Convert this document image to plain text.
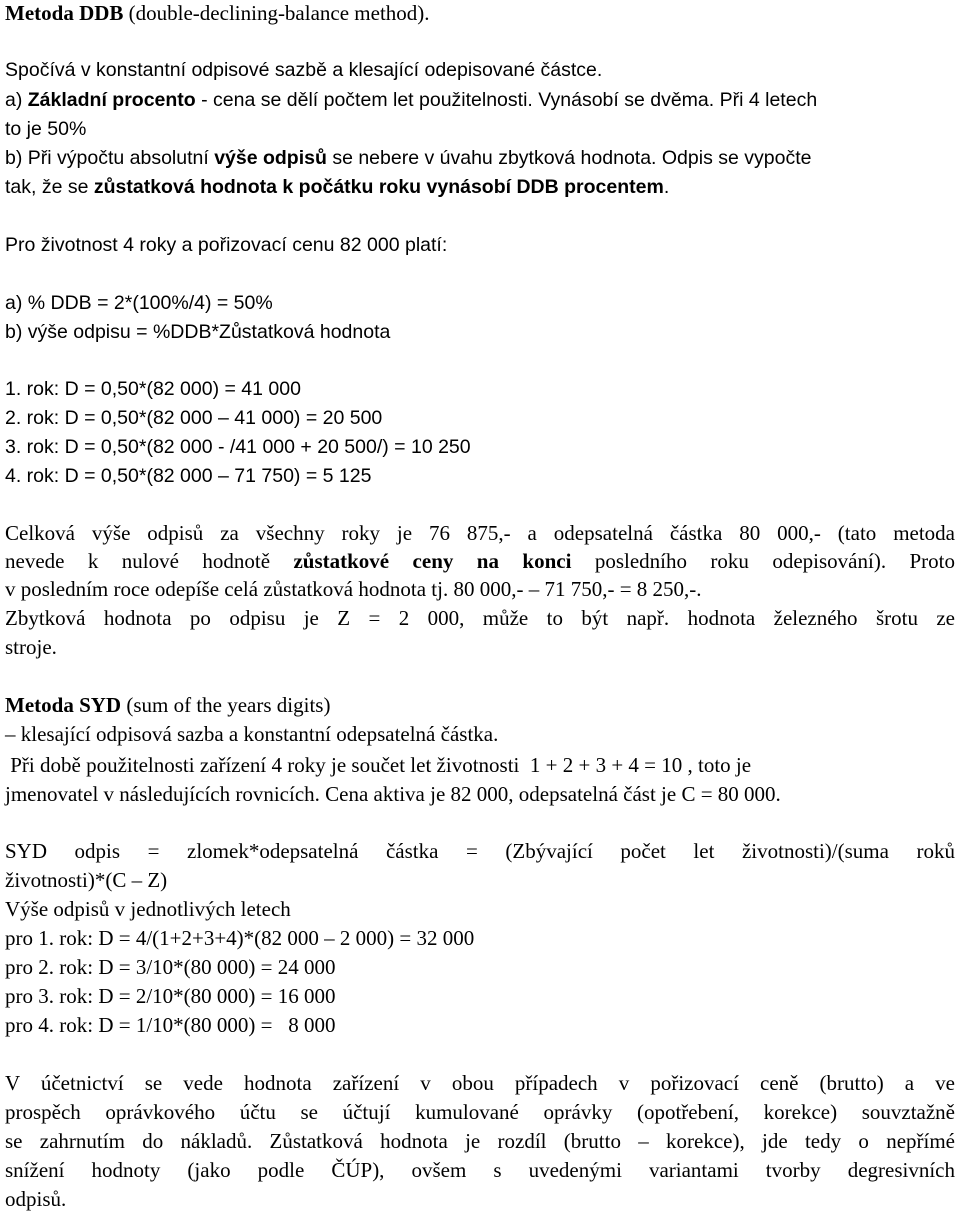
Metoda DDB (double-declining-balance method).
Spočívá v konstantní odpisové sazbě a klesající odepisované částce.
a) Základní procento - cena se dělí počtem let použitelnosti. Vynásobí se dvěma. Při 4 letech
to je 50%
b) Při výpočtu absolutní výše odpisů se nebere v úvahu zbytková hodnota. Odpis se vypočte
tak, že se zůstatková hodnota k počátku roku vynásobí DDB procentem.
Pro životnost 4 roky a pořizovací cenu 82 000 platí:
a) % DDB = 2*(100%/4) = 50%
b) výše odpisu = %DDB*Zůstatková hodnota
1. rok: D = 0,50*(82 000) = 41 000
2. rok: D = 0,50*(82 000 – 41 000) = 20 500
3. rok: D = 0,50*(82 000 - /41 000 + 20 500/) = 10 250
4. rok: D = 0,50*(82 000 – 71 750) = 5 125
Celková výše odpisů za všechny roky je 76 875,- a odepsatelná částka 80 000,- (tato metoda
nevede k nulové hodnotě zůstatkové ceny na konci posledního roku odepisování). Proto
v posledním roce odepíše celá zůstatková hodnota tj. 80 000,- – 71 750,- = 8 250,-.
Zbytková hodnota po odpisu je Z = 2 000, může to být např. hodnota železného šrotu ze
stroje.
Metoda SYD (sum of the years digits)
– klesající odpisová sazba a konstantní odepsatelná částka.
Při době použitelnosti zařízení 4 roky je součet let životnosti  1 + 2 + 3 + 4 = 10 , toto je
jmenovatel v následujících rovnicích. Cena aktiva je 82 000, odepsatelná část je C = 80 000.
SYD odpis = zlomek*odepsatelná částka = (Zbývající počet let životnosti)/(suma roků
životnosti)*(C – Z)
Výše odpisů v jednotlivých letech
pro 1. rok: D = 4/(1+2+3+4)*(82 000 – 2 000) = 32 000
pro 2. rok: D = 3/10*(80 000) = 24 000
pro 3. rok: D = 2/10*(80 000) = 16 000
pro 4. rok: D = 1/10*(80 000) =   8 000
V účetnictví se vede hodnota zařízení v obou případech v pořizovací ceně (brutto) a ve
prospěch oprávkového účtu se účtují kumulované oprávky (opotřebení, korekce) souvztažně
se zahrnutím do nákladů. Zůstatková hodnota je rozdíl (brutto – korekce), jde tedy o nepřímé
snížení hodnoty (jako podle ČÚP), ovšem s uvedenými variantami tvorby degresivních
odpisů.
